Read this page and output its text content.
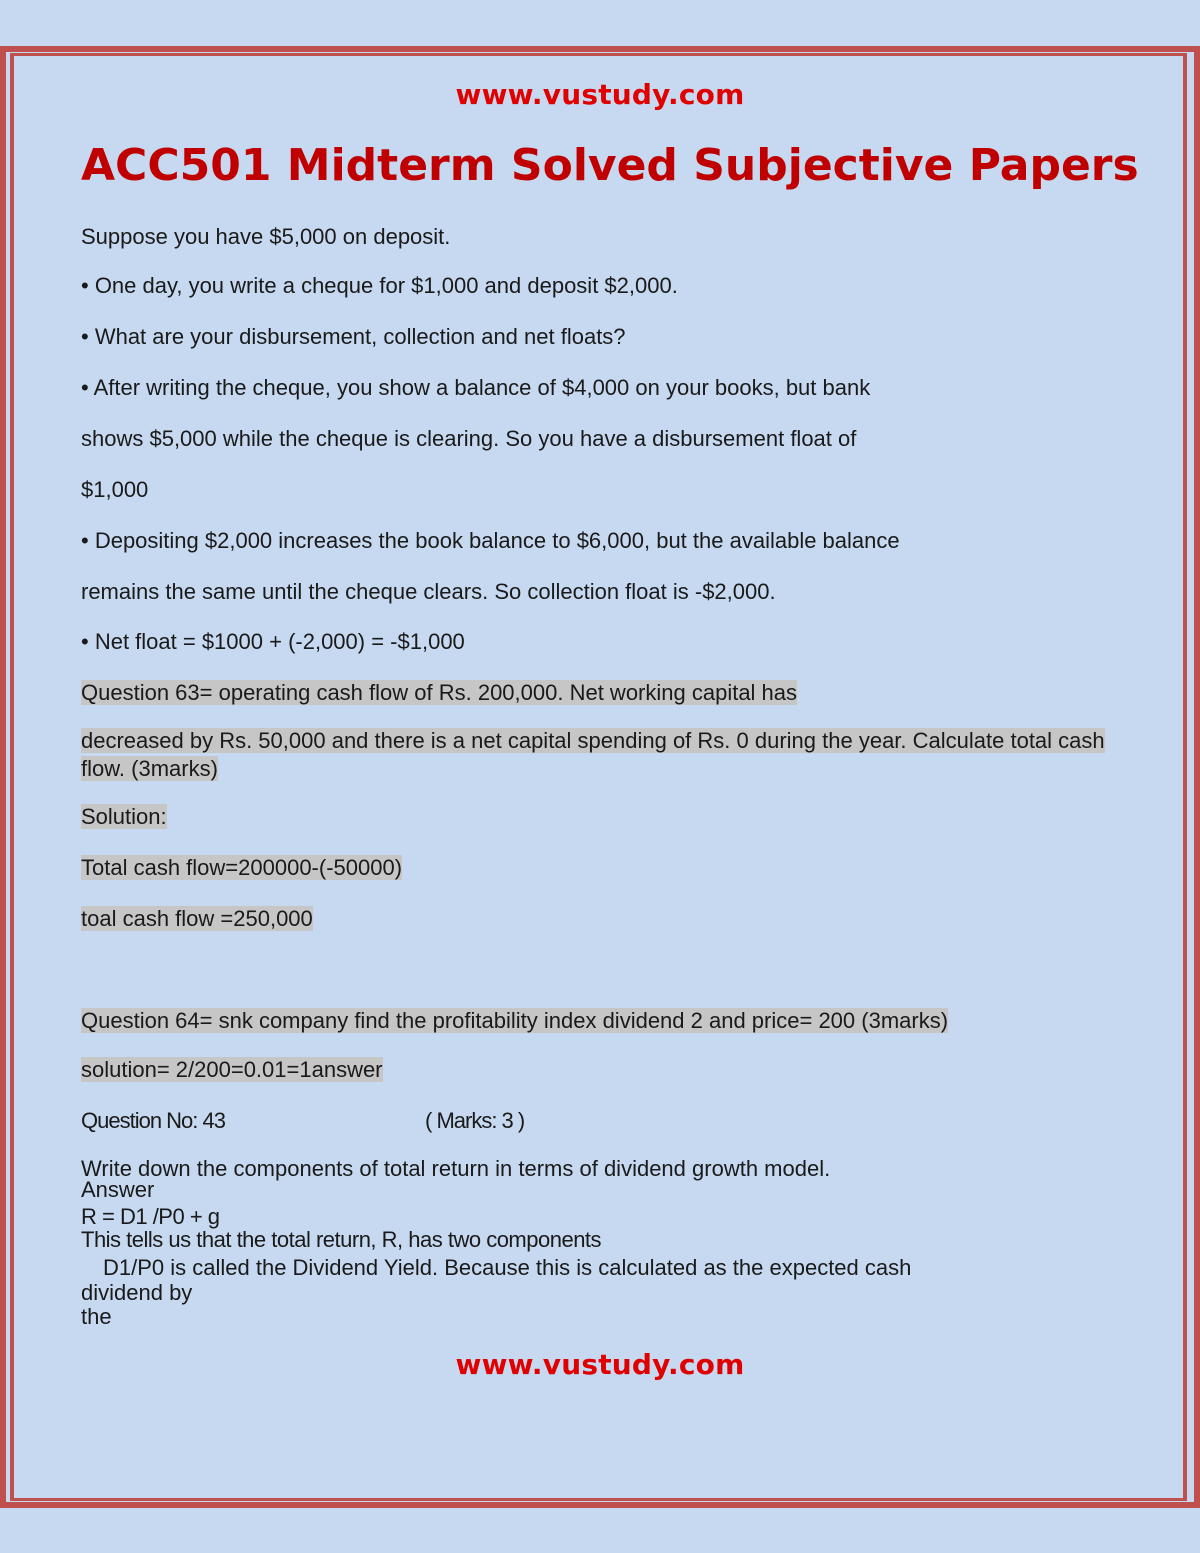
www.vustudy.com
ACC501 Midterm Solved Subjective Papers
Suppose you have $5,000 on deposit.
• One day, you write a cheque for $1,000 and deposit $2,000.
• What are your disbursement, collection and net floats?
• After writing the cheque, you show a balance of $4,000 on your books, but bank
shows $5,000 while the cheque is clearing. So you have a disbursement float of
$1,000
• Depositing $2,000 increases the book balance to $6,000, but the available balance
remains the same until the cheque clears. So collection float is -$2,000.
• Net float = $1000 + (-2,000) = -$1,000
Question 63= operating cash flow of Rs. 200,000. Net working capital has
decreased by Rs. 50,000 and there is a net capital spending of Rs. 0 during the year. Calculate total cash flow. (3marks)
Solution:
Total cash flow=200000-(-50000)
toal cash flow =250,000
Question 64= snk company find the profitability index dividend 2 and price= 200 (3marks)
solution= 2/200=0.01=1answer
Question No: 43	( Marks: 3 )
Write down the components of total return in terms of dividend growth model.
Answer
R = D1 /P0 + g
This tells us that the total return, R, has two components
D1/P0 is called the Dividend Yield. Because this is calculated as the expected cash
dividend by
the
www.vustudy.com
